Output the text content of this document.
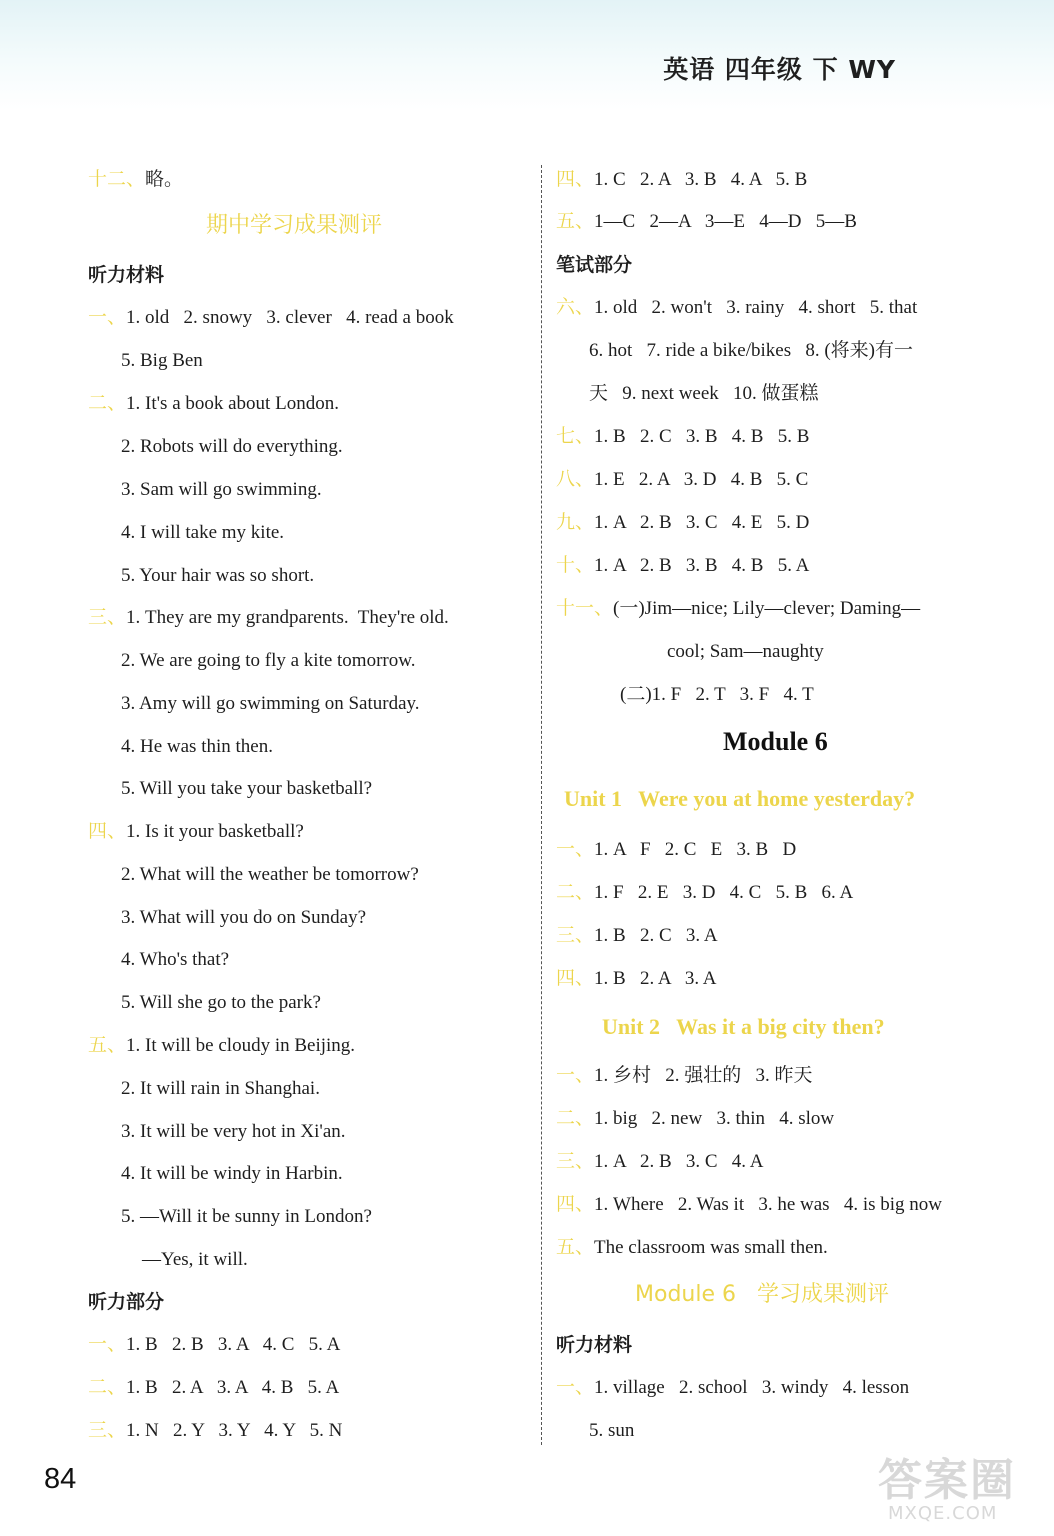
英语 四年级 下 WY
十二、略。
期中学习成果测评
听力材料
一、1. old   2. snowy   3. clever   4. read a book
5. Big Ben
二、1. It's a book about London.
2. Robots will do everything.
3. Sam will go swimming.
4. I will take my kite.
5. Your hair was so short.
三、1. They are my grandparents.  They're old.
2. We are going to fly a kite tomorrow.
3. Amy will go swimming on Saturday.
4. He was thin then.
5. Will you take your basketball?
四、1. Is it your basketball?
2. What will the weather be tomorrow?
3. What will you do on Sunday?
4. Who's that?
5. Will she go to the park?
五、1. It will be cloudy in Beijing.
2. It will rain in Shanghai.
3. It will be very hot in Xi'an.
4. It will be windy in Harbin.
5. —Will it be sunny in London?
—Yes, it will.
听力部分
一、1. B   2. B   3. A   4. C   5. A
二、1. B   2. A   3. A   4. B   5. A
三、1. N   2. Y   3. Y   4. Y   5. N
四、1. C   2. A   3. B   4. A   5. B
五、1—C   2—A   3—E   4—D   5—B
笔试部分
六、1. old   2. won't   3. rainy   4. short   5. that
6. hot   7. ride a bike/bikes   8. (将来)有一
天   9. next week   10. 做蛋糕
七、1. B   2. C   3. B   4. B   5. B
八、1. E   2. A   3. D   4. B   5. C
九、1. A   2. B   3. C   4. E   5. D
十、1. A   2. B   3. B   4. B   5. A
十一、(一)Jim—nice; Lily—clever; Daming—
cool; Sam—naughty
(二)1. F   2. T   3. F   4. T
Module 6
Unit 1   Were you at home yesterday?
一、1. A   F   2. C   E   3. B   D
二、1. F   2. E   3. D   4. C   5. B   6. A
三、1. B   2. C   3. A
四、1. B   2. A   3. A
Unit 2   Was it a big city then?
一、1. 乡村   2. 强壮的   3. 昨天
二、1. big   2. new   3. thin   4. slow
三、1. A   2. B   3. C   4. A
四、1. Where   2. Was it   3. he was   4. is big now
五、The classroom was small then.
Module 6   学习成果测评
听力材料
一、1. village   2. school   3. windy   4. lesson
5. sun
84	答案圈
MXQE.COM
